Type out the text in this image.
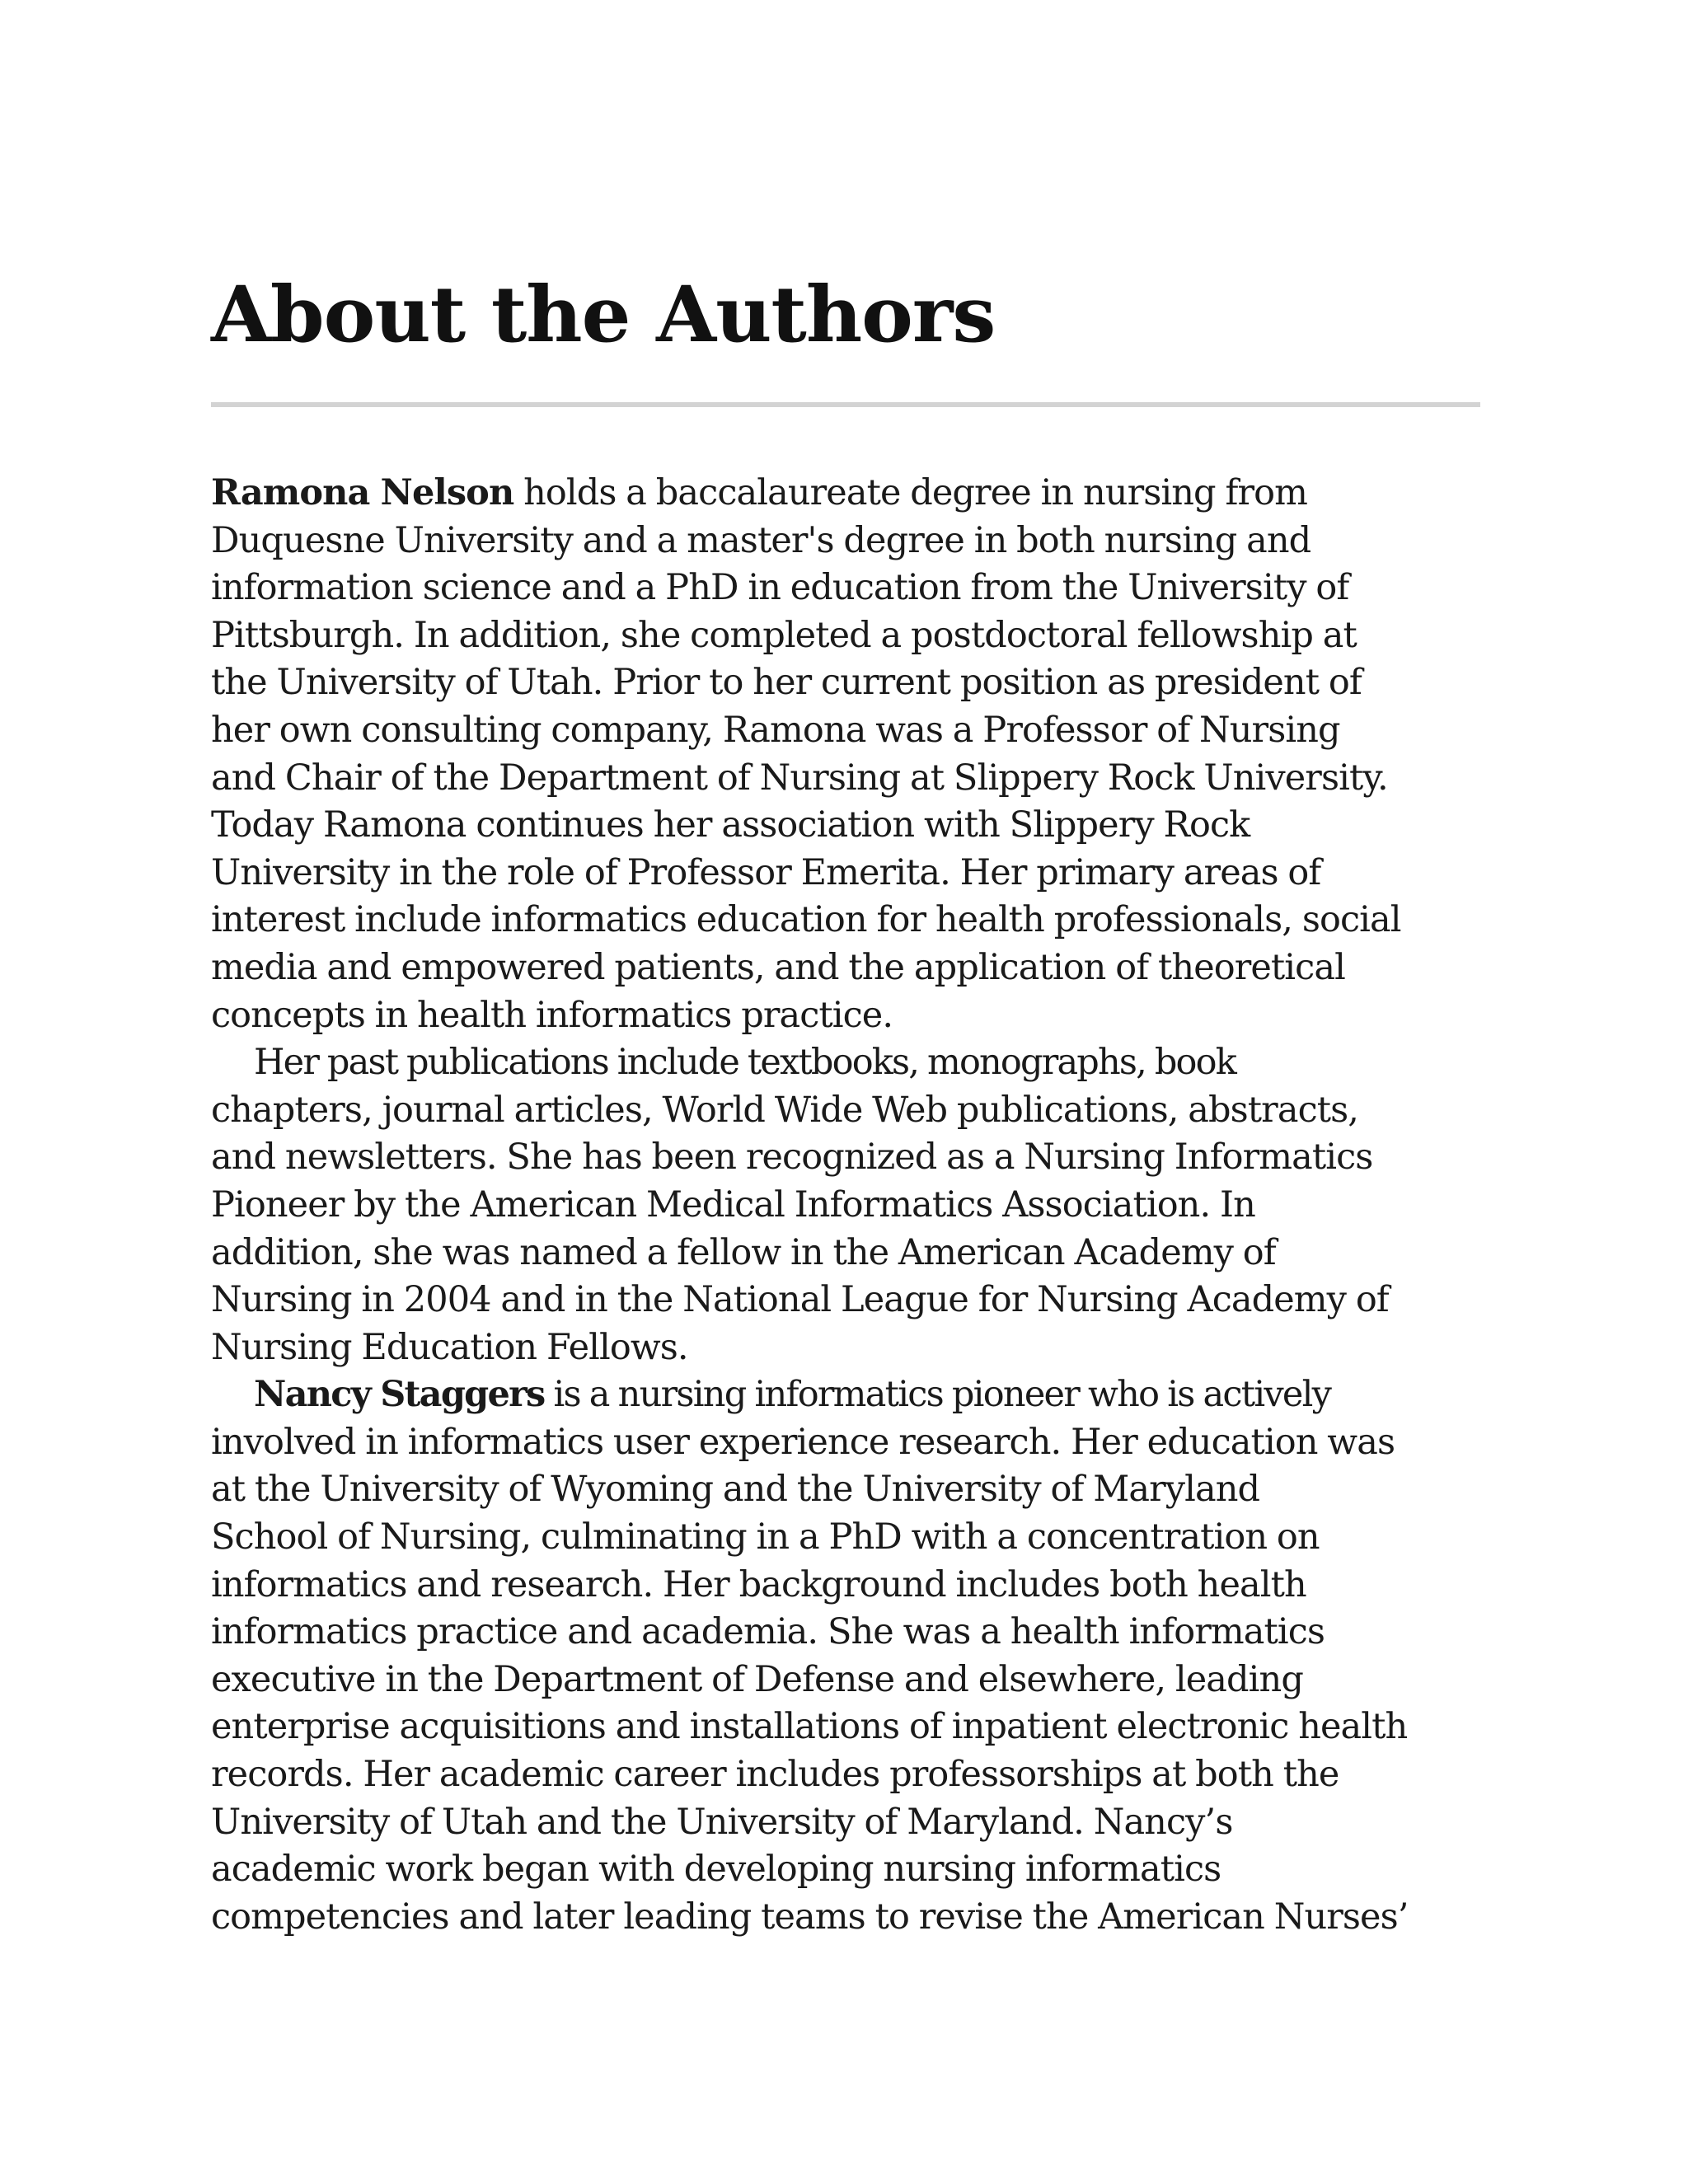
About the Authors

Ramona Nelson holds a baccalaureate degree in nursing from
Duquesne University and a master's degree in both nursing and
information science and a PhD in education from the University of
Pittsburgh. In addition, she completed a postdoctoral fellowship at
the University of Utah. Prior to her current position as president of
her own consulting company, Ramona was a Professor of Nursing
and Chair of the Department of Nursing at Slippery Rock University.
Today Ramona continues her association with Slippery Rock
University in the role of Professor Emerita. Her primary areas of
interest include informatics education for health professionals, social
media and empowered patients, and the application of theoretical
concepts in health informatics practice.

Her past publications include textbooks, monographs, book
chapters, journal articles, World Wide Web publications, abstracts,
and newsletters. She has been recognized as a Nursing Informatics
Pioneer by the American Medical Informatics Association. In
addition, she was named a fellow in the American Academy of
Nursing in 2004 and in the National League for Nursing Academy of
Nursing Education Fellows.

Nancy Staggers is a nursing informatics pioneer who is actively
involved in informatics user experience research. Her education was
at the University of Wyoming and the University of Maryland
School of Nursing, culminating in a PhD with a concentration on
informatics and research. Her background includes both health
informatics practice and academia. She was a health informatics
executive in the Department of Defense and elsewhere, leading
enterprise acquisitions and installations of inpatient electronic health
records. Her academic career includes professorships at both the
University of Utah and the University of Maryland. Nancy’s
academic work began with developing nursing informatics
competencies and later leading teams to revise the American Nurses’
